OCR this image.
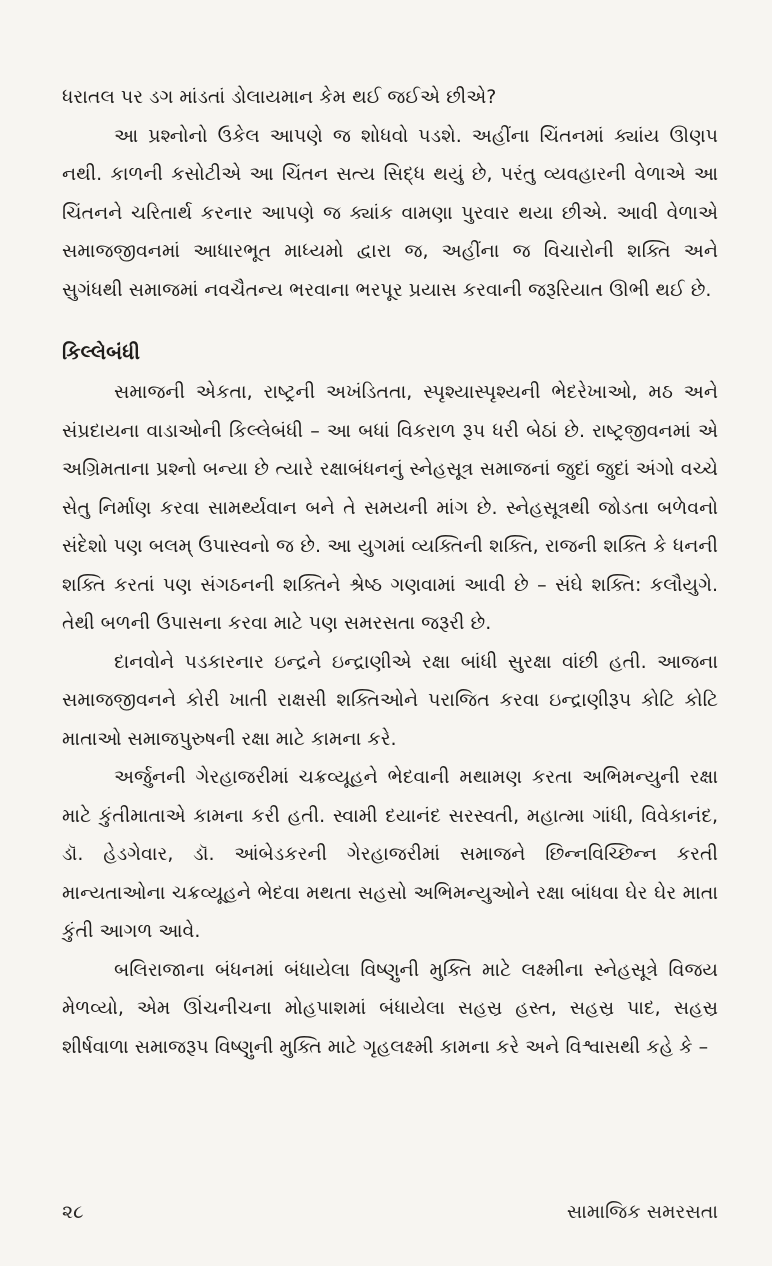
ધરાતલ પર ડગ માંડતાં ડોલાયમાન કેમ થઈ જઈએ છીએ?

આ પ્રશ્નોનો ઉકેલ આપણે જ શોધવો પડશે. અહીંના ચિંતનમાં ક્યાંય ઊણપ નથી. કાળની કસોટીએ આ ચિંતન સત્ય સિદ્ધ થયું છે, પરંતુ વ્યવહારની વેળાએ આ ચિંતનને ચરિતાર્થ કરનાર આપણે જ ક્યાંક વામણા પુરવાર થયા છીએ. આવી વેળાએ સમાજજીવનમાં આધારભૂત માધ્યમો દ્વારા જ, અહીંના જ વિચારોની શક્તિ અને સુગંધથી સમાજમાં નવચૈતન્ય ભરવાના ભરપૂર પ્રયાસ કરવાની જરૂરિયાત ઊભી થઈ છે.

કિલ્લેબંધી

સમાજની એકતા, રાષ્ટ્રની અખંડિતતા, સ્પૃશ્યાસ્પૃશ્યની ભેદરેખાઓ, મઠ અને સંપ્રદાયના વાડાઓની કિલ્લેબંધી – આ બધાં વિકરાળ રૂપ ધરી બેઠાં છે. રાષ્ટ્રજીવનમાં એ અગ્રિમતાના પ્રશ્નો બન્યા છે ત્યારે રક્ષાબંધનનું સ્નેહસૂત્ર સમાજનાં જુદાં જુદાં અંગો વચ્ચે સેતુ નિર્માણ કરવા સામર્થ્યવાન બને તે સમયની માંગ છે. સ્નેહસૂત્રથી જોડતા બળેવનો સંદેશો પણ બલમ્ ઉપાસ્વનો જ છે. આ યુગમાં વ્યક્તિની શક્તિ, રાજની શક્તિ કે ધનની શક્તિ કરતાં પણ સંગઠનની શક્તિને શ્રેષ્ઠ ગણવામાં આવી છે – સંઘે શક્તિ: કલૌયુગે. તેથી બળની ઉપાસના કરવા માટે પણ સમરસતા જરૂરી છે.

દાનવોને પડકારનાર ઇન્દ્રને ઇન્દ્રાણીએ રક્ષા બાંધી સુરક્ષા વાંછી હતી. આજના સમાજજીવનને કોરી ખાતી રાક્ષસી શક્તિઓને પરાજિત કરવા ઇન્દ્રાણીરૂપ કોટિ કોટિ માતાઓ સમાજપુરુષની રક્ષા માટે કામના કરે.

અર્જુનની ગેરહાજરીમાં ચક્રવ્યૂહને ભેદવાની મથામણ કરતા અભિમન્યુની રક્ષા માટે કુંતીમાતાએ કામના કરી હતી. સ્વામી દયાનંદ સરસ્વતી, મહાત્મા ગાંધી, વિવેકાનંદ, ડૉ. હેડગેવાર, ડૉ. આંબેડકરની ગેરહાજરીમાં સમાજને છિન્નવિચ્છિન્ન કરતી માન્યતાઓના ચક્રવ્યૂહને ભેદવા મથતા સહસો અભિમન્યુઓને રક્ષા બાંધવા ઘેર ઘેર માતા કુંતી આગળ આવે.

બલિરાજાના બંધનમાં બંધાયેલા વિષ્ણુની મુક્તિ માટે લક્ષ્મીના સ્નેહસૂત્રે વિજય મેળવ્યો, એમ ઊંચનીચના મોહપાશમાં બંધાયેલા સહસ્ર હસ્ત, સહસ્ર પાદ, સહસ્ર શીર્ષવાળા સમાજરૂપ વિષ્ણુની મુક્તિ માટે ગૃહલક્ષ્મી કામના કરે અને વિશ્વાસથી કહે કે –

૨૮	સામાજિક સમરસતા
